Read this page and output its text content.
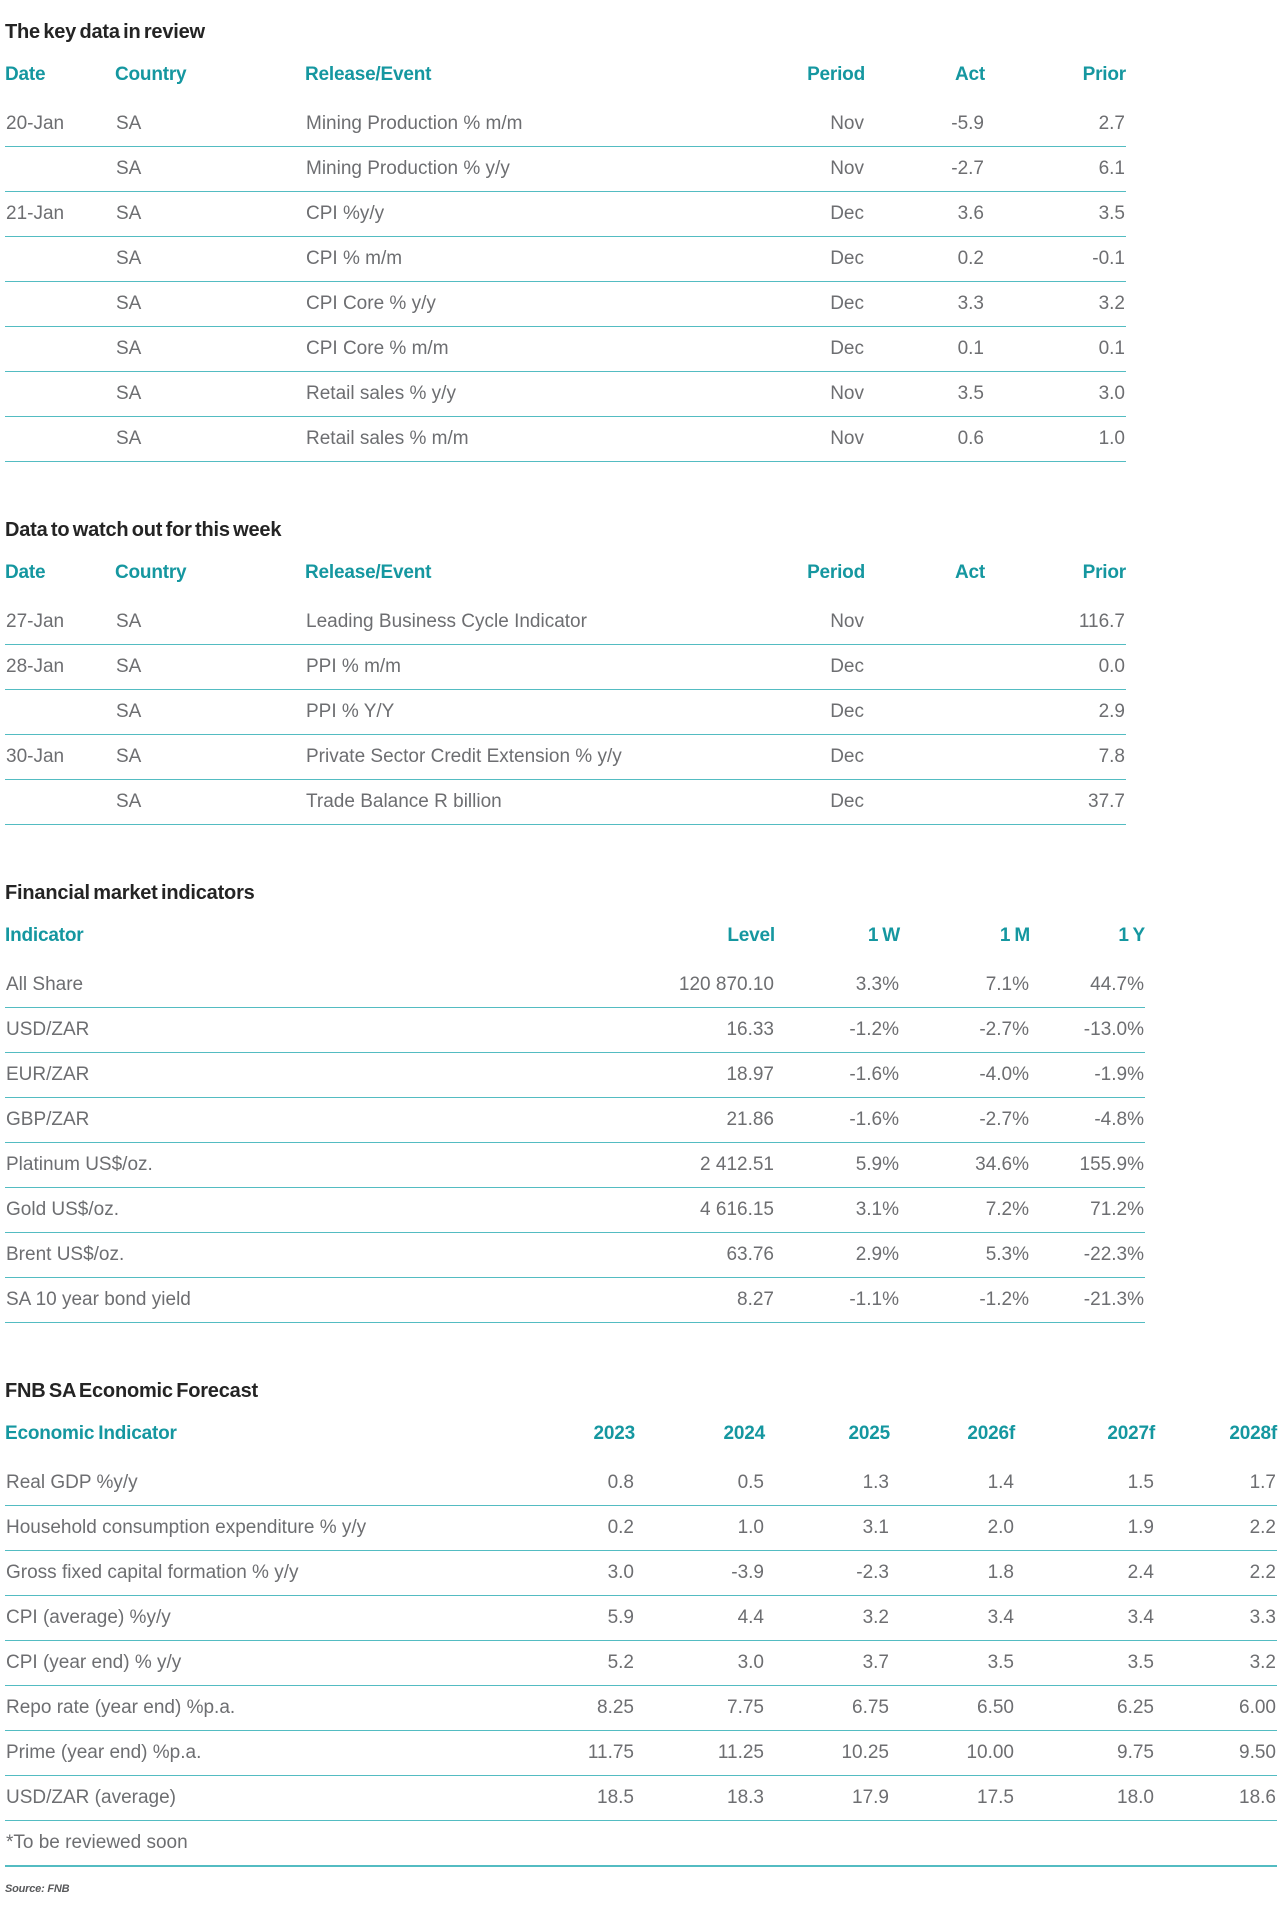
The key data in review
Date	Country	Release/Event	Period	Act	Prior
20-Jan	SA	Mining Production % m/m	Nov	-5.9	2.7
	SA	Mining Production % y/y	Nov	-2.7	6.1
21-Jan	SA	CPI %y/y	Dec	3.6	3.5
	SA	CPI % m/m	Dec	0.2	-0.1
	SA	CPI Core % y/y	Dec	3.3	3.2
	SA	CPI Core % m/m	Dec	0.1	0.1
	SA	Retail sales % y/y	Nov	3.5	3.0
	SA	Retail sales % m/m	Nov	0.6	1.0
Data to watch out for this week
Date	Country	Release/Event	Period	Act	Prior
27-Jan	SA	Leading Business Cycle Indicator	Nov		116.7
28-Jan	SA	PPI % m/m	Dec		0.0
	SA	PPI % Y/Y	Dec		2.9
30-Jan	SA	Private Sector Credit Extension % y/y	Dec		7.8
	SA	Trade Balance R billion	Dec		37.7
Financial market indicators
Indicator	Level	1 W	1 M	1 Y
All Share	120 870.10	3.3%	7.1%	44.7%
USD/ZAR	16.33	-1.2%	-2.7%	-13.0%
EUR/ZAR	18.97	-1.6%	-4.0%	-1.9%
GBP/ZAR	21.86	-1.6%	-2.7%	-4.8%
Platinum US$/oz.	2 412.51	5.9%	34.6%	155.9%
Gold US$/oz.	4 616.15	3.1%	7.2%	71.2%
Brent US$/oz.	63.76	2.9%	5.3%	-22.3%
SA 10 year bond yield	8.27	-1.1%	-1.2%	-21.3%
FNB SA Economic Forecast
Economic Indicator	2023	2024	2025	2026f	2027f	2028f
Real GDP %y/y	0.8	0.5	1.3	1.4	1.5	1.7
Household consumption expenditure % y/y	0.2	1.0	3.1	2.0	1.9	2.2
Gross fixed capital formation % y/y	3.0	-3.9	-2.3	1.8	2.4	2.2
CPI (average) %y/y	5.9	4.4	3.2	3.4	3.4	3.3
CPI (year end) % y/y	5.2	3.0	3.7	3.5	3.5	3.2
Repo rate (year end) %p.a.	8.25	7.75	6.75	6.50	6.25	6.00
Prime (year end) %p.a.	11.75	11.25	10.25	10.00	9.75	9.50
USD/ZAR (average)	18.5	18.3	17.9	17.5	18.0	18.6
*To be reviewed soon						
Source: FNB
